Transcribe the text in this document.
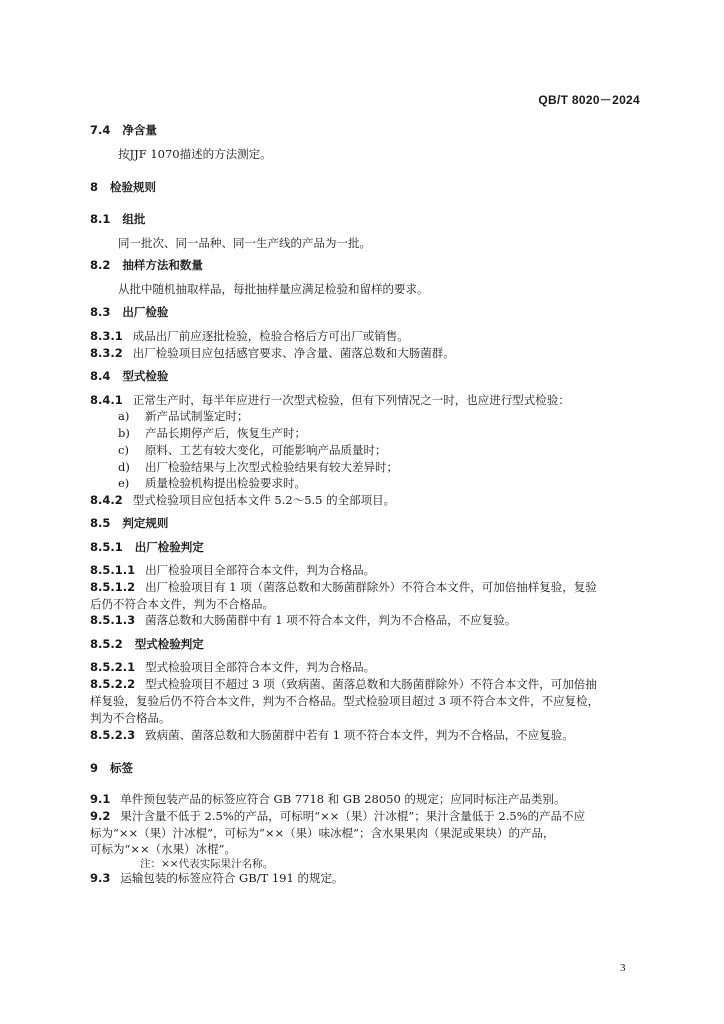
QB/T 8020－2024
7.4 净含量
按JJF 1070描述的方法测定。
8 检验规则
8.1 组批
同一批次、同一品种、同一生产线的产品为一批。
8.2 抽样方法和数量
从批中随机抽取样品，每批抽样量应满足检验和留样的要求。
8.3 出厂检验
8.3.1 成品出厂前应逐批检验，检验合格后方可出厂或销售。
8.3.2 出厂检验项目应包括感官要求、净含量、菌落总数和大肠菌群。
8.4 型式检验
8.4.1 正常生产时，每半年应进行一次型式检验，但有下列情况之一时，也应进行型式检验：
a) 新产品试制鉴定时；
b) 产品长期停产后，恢复生产时；
c) 原料、工艺有较大变化，可能影响产品质量时；
d) 出厂检验结果与上次型式检验结果有较大差异时；
e) 质量检验机构提出检验要求时。
8.4.2 型式检验项目应包括本文件 5.2～5.5 的全部项目。
8.5 判定规则
8.5.1 出厂检验判定
8.5.1.1 出厂检验项目全部符合本文件，判为合格品。
8.5.1.2 出厂检验项目有 1 项（菌落总数和大肠菌群除外）不符合本文件，可加倍抽样复验，复验
后仍不符合本文件，判为不合格品。
8.5.1.3 菌落总数和大肠菌群中有 1 项不符合本文件，判为不合格品，不应复验。
8.5.2 型式检验判定
8.5.2.1 型式检验项目全部符合本文件，判为合格品。
8.5.2.2 型式检验项目不超过 3 项（致病菌、菌落总数和大肠菌群除外）不符合本文件，可加倍抽
样复验，复验后仍不符合本文件，判为不合格品。型式检验项目超过 3 项不符合本文件，不应复检，
判为不合格品。
8.5.2.3 致病菌、菌落总数和大肠菌群中若有 1 项不符合本文件，判为不合格品，不应复验。
9 标签
9.1 单件预包装产品的标签应符合 GB 7718 和 GB 28050 的规定；应同时标注产品类别。
9.2 果汁含量不低于 2.5%的产品，可标明“××（果）汁冰棍”；果汁含量低于 2.5%的产品不应
标为“××（果）汁冰棍”，可标为“××（果）味冰棍”；含水果果肉（果泥或果块）的产品，
可标为“××（水果）冰棍”。
注：××代表实际果汁名称。
9.3 运输包装的标签应符合 GB/T 191 的规定。
3
